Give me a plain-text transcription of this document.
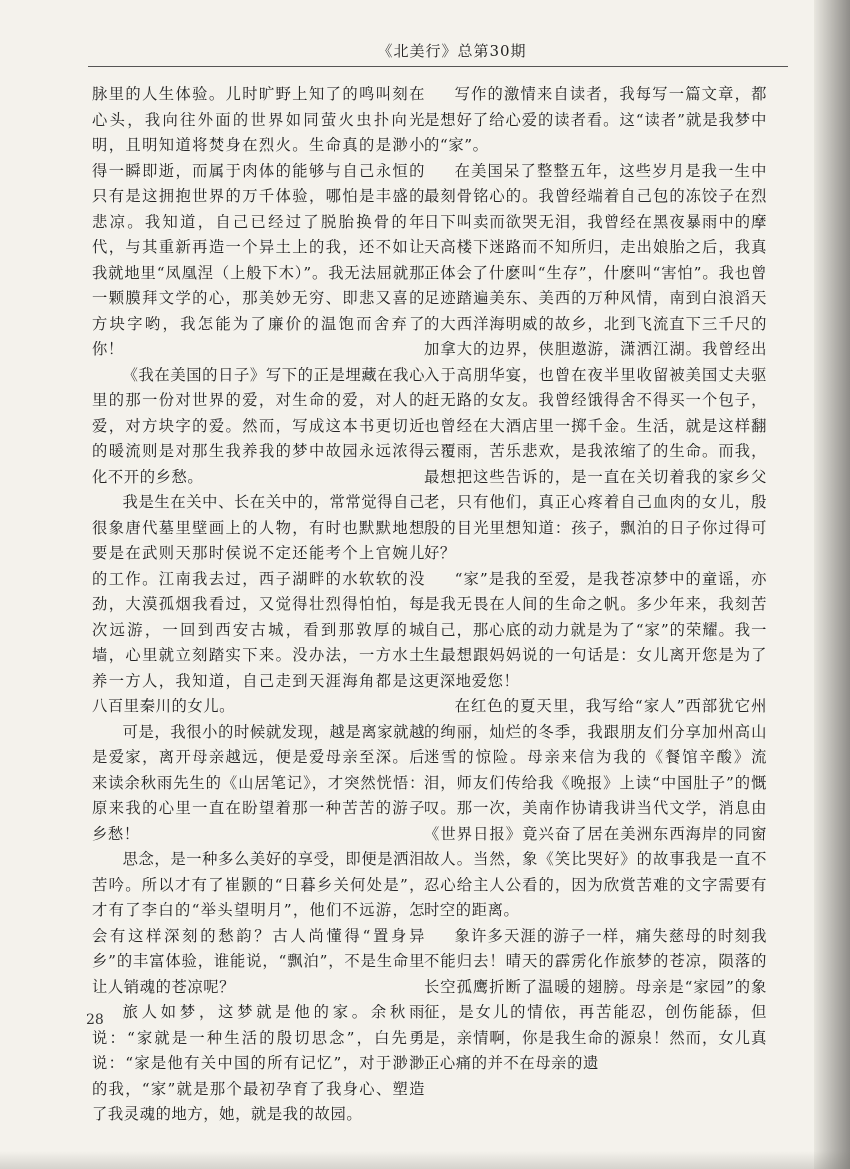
《北美行》总第30期

脉里的人生体验。儿时旷野上知了的鸣叫刻在心头，我向往外面的世界如同萤火虫扑向光明，且明知道将焚身在烈火。生命真的是渺小得一瞬即逝，而属于肉体的能够与自己永恒的只有是这拥抱世界的万千体验，哪怕是丰盛的悲凉。我知道，自己已经过了脱胎换骨的年代，与其重新再造一个异土上的我，还不如让我就地里“凤凰涅（上般下木）”。我无法屈就那一颗膜拜文学的心，那美妙无穷、即悲又喜的方块字哟，我怎能为了廉价的温饱而舍弃了你！

《我在美国的日子》写下的正是埋藏在我心里的那一份对世界的爱，对生命的爱，对人的爱，对方块字的爱。然而，写成这本书更切近的暖流则是对那生我养我的梦中故园永远浓得化不开的乡愁。

我是生在关中、长在关中的，常常觉得自己很象唐代墓里壁画上的人物，有时也默默地想要是在武则天那时侯说不定还能考个上官婉儿的工作。江南我去过，西子湖畔的水软软的没劲，大漠孤烟我看过，又觉得壮烈得怕怕，每次远游，一回到西安古城，看到那敦厚的城墙，心里就立刻踏实下来。没办法，一方水土养一方人，我知道，自己走到天涯海角都是这八百里秦川的女儿。

可是，我很小的时候就发现，越是离家就越是爱家，离开母亲越远，便是爱母亲至深。后来读余秋雨先生的《山居笔记》，才突然恍悟：原来我的心里一直在盼望着那一种苦苦的游子乡愁！

思念，是一种多么美好的享受，即便是洒泪苦吟。所以才有了崔颢的“日暮乡关何处是”，才有了李白的“举头望明月”，他们不远游，怎会有这样深刻的愁韵？古人尚懂得“置身异乡”的丰富体验，谁能说，“飘泊”，不是生命里让人销魂的苍凉呢？

旅人如梦，这梦就是他的家。余秋雨说：“家就是一种生活的殷切思念”，白先勇说：“家是他有关中国的所有记忆”，对于渺渺的我，“家”就是那个最初孕育了我身心、塑造了我灵魂的地方，她，就是我的故园。

写作的激情来自读者，我每写一篇文章，都是想好了给心爱的读者看。这“读者”就是我梦中的“家”。

在美国呆了整整五年，这些岁月是我一生中最刻骨铭心的。我曾经端着自己包的冻饺子在烈日下叫卖而欲哭无泪，我曾经在黑夜暴雨中的摩天高楼下迷路而不知所归，走出娘胎之后，我真正体会了什麽叫“生存”，什麽叫“害怕”。我也曾足迹踏遍美东、美西的万种风情，南到白浪滔天的大西洋海明威的故乡，北到飞流直下三千尺的加拿大的边界，侠胆遨游，潇洒江湖。我曾经出入于高朋华宴，也曾在夜半里收留被美国丈夫驱赶无路的女友。我曾经饿得舍不得买一个包子，也曾经在大酒店里一掷千金。生活，就是这样翻云覆雨，苦乐悲欢，是我浓缩了的生命。而我，最想把这些告诉的，是一直在关切着我的家乡父老，只有他们，真正心疼着自己血肉的女儿，殷殷的目光里想知道：孩子，飘泊的日子你过得可好？

“家”是我的至爱，是我苍凉梦中的童谣，亦是我无畏在人间的生命之帆。多少年来，我刻苦自己，那心底的动力就是为了“家”的荣耀。我一生最想跟妈妈说的一句话是：女儿离开您是为了更深地爱您！

在红色的夏天里，我写给“家人”西部犹它州的绚丽，灿烂的冬季，我跟朋友们分享加州高山迷雪的惊险。母亲来信为我的《餐馆辛酸》流泪，师友们传给我《晚报》上读“中国肚子”的慨叹。那一次，美南作协请我讲当代文学，消息由《世界日报》竟兴奋了居在美洲东西海岸的同窗故人。当然，象《笑比哭好》的故事我是一直不忍心给主人公看的，因为欣赏苦难的文字需要有时空的距离。

象许多天涯的游子一样，痛失慈母的时刻我不能归去！晴天的霹雳化作旅梦的苍凉，陨落的长空孤鹰折断了温暖的翅膀。母亲是“家园”的象征，是女儿的情依，再苦能忍，创伤能舔，但是，亲情啊，你是我生命的源泉！然而，女儿真正心痛的并不在母亲的遗

28
